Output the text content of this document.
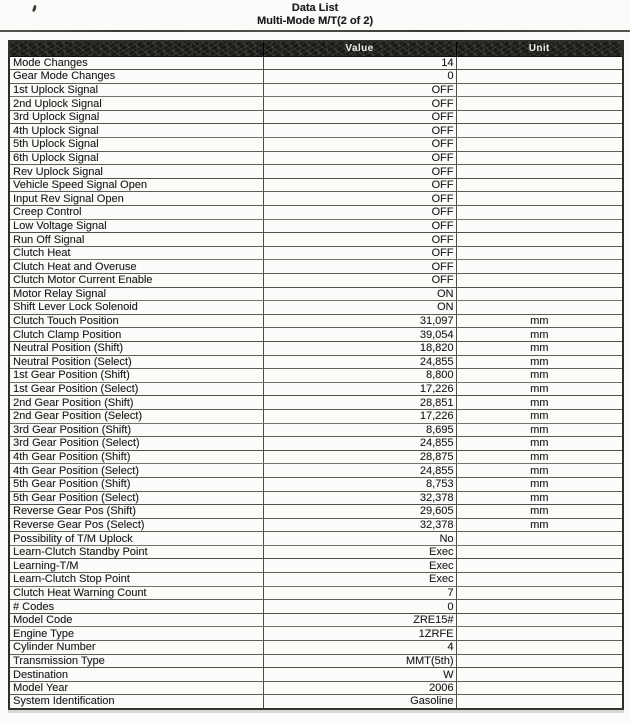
Data List
Multi-Mode M/T(2 of 2)
	Value	Unit
Mode Changes	14	
Gear Mode Changes	0	
1st Uplock Signal	OFF	
2nd Uplock Signal	OFF	
3rd Uplock Signal	OFF	
4th Uplock Signal	OFF	
5th Uplock Signal	OFF	
6th Uplock Signal	OFF	
Rev Uplock Signal	OFF	
Vehicle Speed Signal Open	OFF	
Input Rev Signal Open	OFF	
Creep Control	OFF	
Low Voltage Signal	OFF	
Run Off Signal	OFF	
Clutch Heat	OFF	
Clutch Heat and Overuse	OFF	
Clutch Motor Current Enable	OFF	
Motor Relay Signal	ON	
Shift Lever Lock Solenoid	ON	
Clutch Touch Position	31,097	mm
Clutch Clamp Position	39,054	mm
Neutral Position (Shift)	18,820	mm
Neutral Position (Select)	24,855	mm
1st Gear Position (Shift)	8,800	mm
1st Gear Position (Select)	17,226	mm
2nd Gear Position (Shift)	28,851	mm
2nd Gear Position (Select)	17,226	mm
3rd Gear Position (Shift)	8,695	mm
3rd Gear Position (Select)	24,855	mm
4th Gear Position (Shift)	28,875	mm
4th Gear Position (Select)	24,855	mm
5th Gear Position (Shift)	8,753	mm
5th Gear Position (Select)	32,378	mm
Reverse Gear Pos (Shift)	29,605	mm
Reverse Gear Pos (Select)	32,378	mm
Possibility of T/M Uplock	No	
Learn-Clutch Standby Point	Exec	
Learning-T/M	Exec	
Learn-Clutch Stop Point	Exec	
Clutch Heat Warning Count	7	
# Codes	0	
Model Code	ZRE15#	
Engine Type	1ZRFE	
Cylinder Number	4	
Transmission Type	MMT(5th)	
Destination	W	
Model Year	2006	
System Identification	Gasoline	
